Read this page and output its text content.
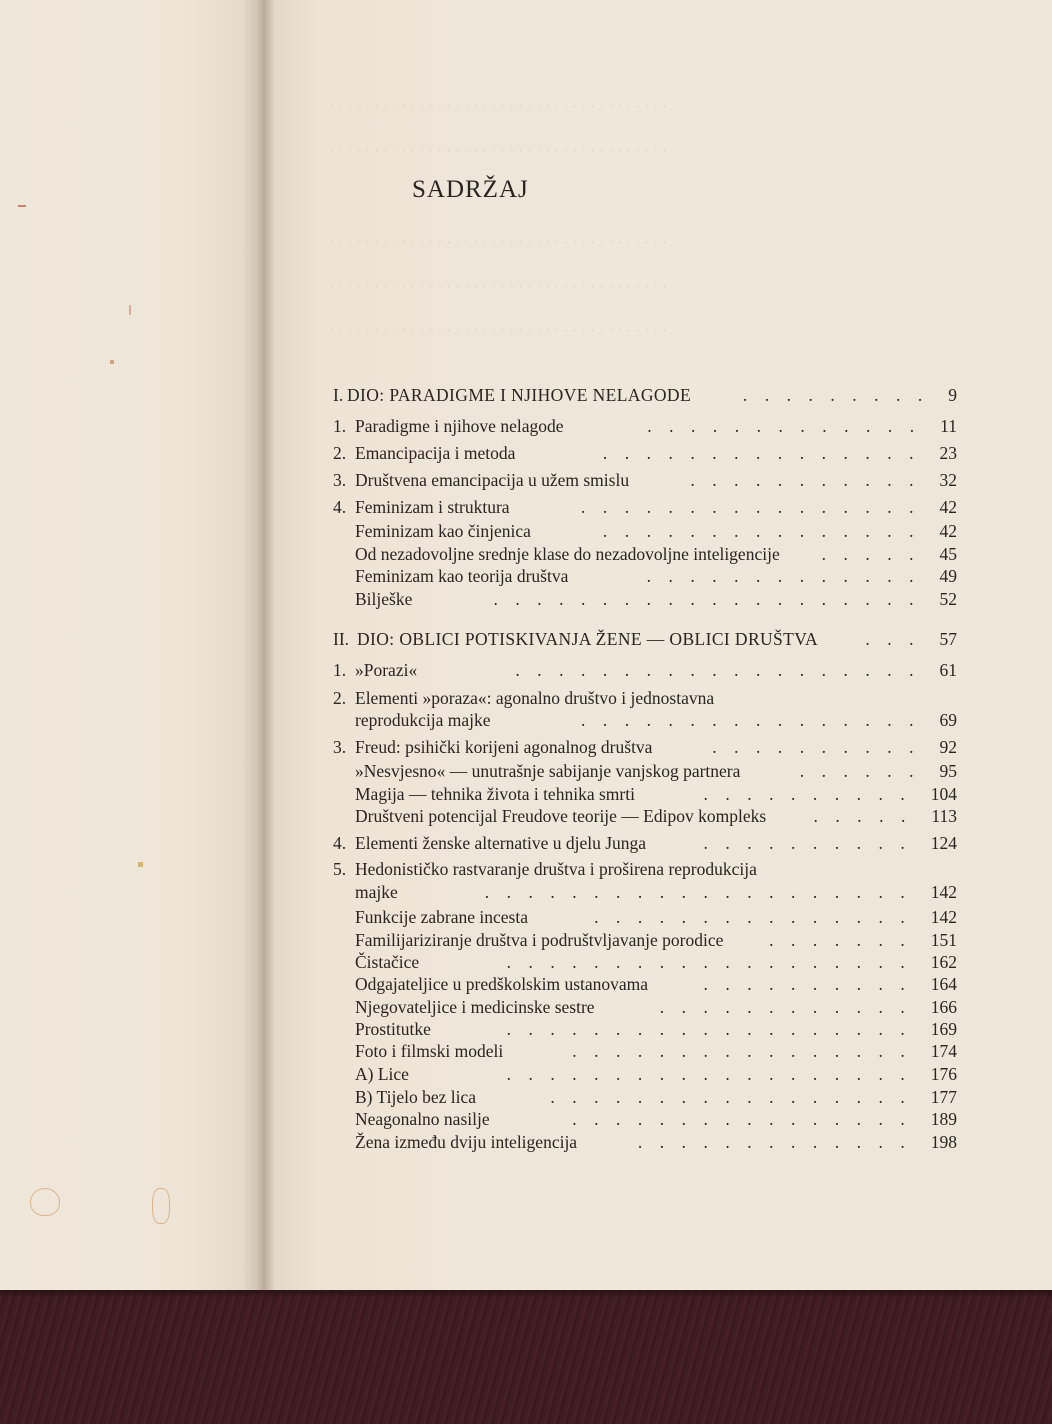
. . . . . . . . . . . . . . . . . . . . . . . . . . . . . . . . . . . . . .
. . . . . . . . . . . . . . . . . . . . . . . . . . . . . . . . . . . . . .
. . . . . . . . . . . . . . . . . . . . . . . . . . . . . . . . . . . . . .
. . . . . . . . . . . . . . . . . . . . . . . . . . . . . . . . . . . . . .
. . . . . . . . . . . . . . . . . . . . . . . . . . . . . . . . . . . . . .
SADRŽAJ
I. DIO: PARADIGME I NJIHOVE NELAGODE	9
.    .    .    .    .    .    .    .    .
1. Paradigme i njihove nelagode	11
.    .    .    .    .    .    .    .    .    .    .    .    .
2. Emancipacija i metoda	23
.    .    .    .    .    .    .    .    .    .    .    .    .    .    .
3. Društvena emancipacija u užem smislu	32
.    .    .    .    .    .    .    .    .    .    .
4. Feminizam i struktura	42
.    .    .    .    .    .    .    .    .    .    .    .    .    .    .    .
Feminizam kao činjenica	42
.    .    .    .    .    .    .    .    .    .    .    .    .    .    .
Od nezadovoljne srednje klase do nezadovoljne inteligencije	45
.    .    .    .    .
Feminizam kao teorija društva	49
.    .    .    .    .    .    .    .    .    .    .    .    .
Bilješke	52
.    .    .    .    .    .    .    .    .    .    .    .    .    .    .    .    .    .    .    .
II. DIO: OBLICI POTISKIVANJA ŽENE — OBLICI DRUŠTVA	57
.    .    .
1. »Porazi«	61
.    .    .    .    .    .    .    .    .    .    .    .    .    .    .    .    .    .    .
2. Elementi »poraza«: agonalno društvo i jednostavna
reprodukcija majke	69
.    .    .    .    .    .    .    .    .    .    .    .    .    .    .    .
3. Freud: psihički korijeni agonalnog društva	92
.    .    .    .    .    .    .    .    .    .
»Nesvjesno« — unutrašnje sabijanje vanjskog partnera	95
.    .    .    .    .    .
Magija — tehnika života i tehnika smrti	104
.    .    .    .    .    .    .    .    .    .
Društveni potencijal Freudove teorije — Edipov kompleks	113
.    .    .    .    .
4. Elementi ženske alternative u djelu Junga	124
.    .    .    .    .    .    .    .    .    .
5. Hedonističko rastvaranje društva i proširena reprodukcija
majke	142
.    .    .    .    .    .    .    .    .    .    .    .    .    .    .    .    .    .    .    .
Funkcije zabrane incesta	142
.    .    .    .    .    .    .    .    .    .    .    .    .    .    .
Familijariziranje društva i podruštvljavanje porodice	151
.    .    .    .    .    .    .
Čistačice	162
.    .    .    .    .    .    .    .    .    .    .    .    .    .    .    .    .    .    .
Odgajateljice u predškolskim ustanovama	164
.    .    .    .    .    .    .    .    .    .
Njegovateljice i medicinske sestre	166
.    .    .    .    .    .    .    .    .    .    .    .
Prostitutke	169
.    .    .    .    .    .    .    .    .    .    .    .    .    .    .    .    .    .    .
Foto i filmski modeli	174
.    .    .    .    .    .    .    .    .    .    .    .    .    .    .    .
A) Lice	176
.    .    .    .    .    .    .    .    .    .    .    .    .    .    .    .    .    .    .
B) Tijelo bez lica	177
.    .    .    .    .    .    .    .    .    .    .    .    .    .    .    .    .
Neagonalno nasilje	189
.    .    .    .    .    .    .    .    .    .    .    .    .    .    .    .
Žena između dviju inteligencija	198
.    .    .    .    .    .    .    .    .    .    .    .    .
